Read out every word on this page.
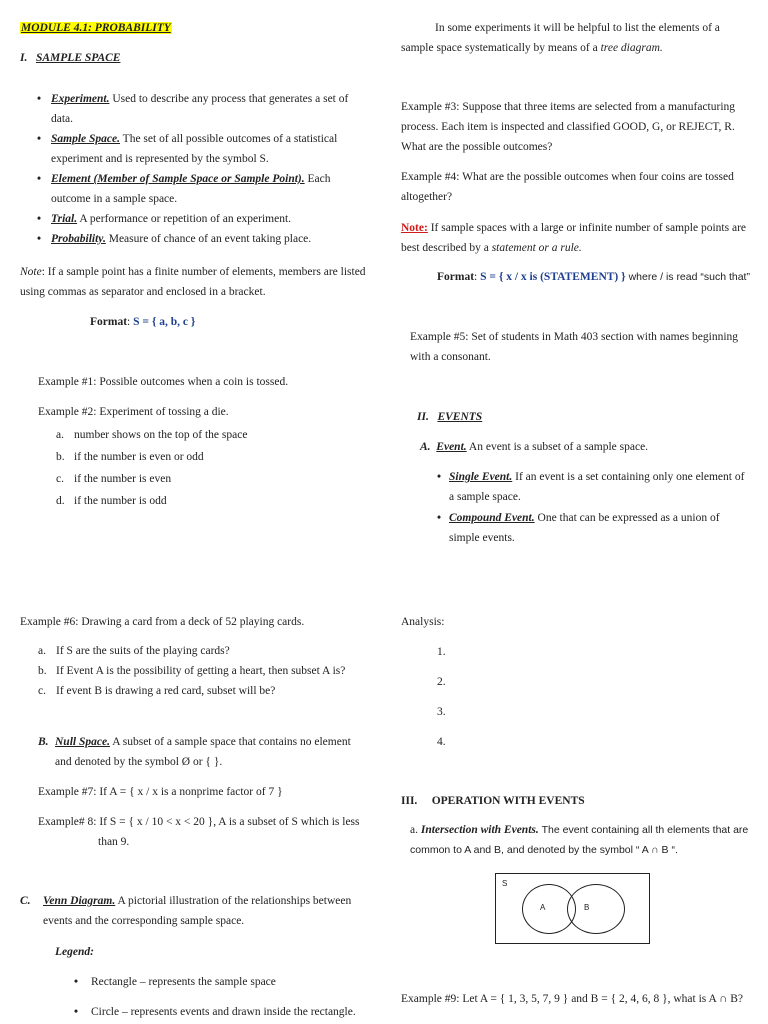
MODULE 4.1: PROBABILITY
I. SAMPLE SPACE
• Experiment. Used to describe any process that generates a set of data.
• Sample Space. The set of all possible outcomes of a statistical experiment and is represented by the symbol S.
• Element (Member of Sample Space or Sample Point). Each outcome in a sample space.
• Trial. A performance or repetition of an experiment.
• Probability. Measure of chance of an event taking place.
Note: If a sample point has a finite number of elements, members are listed using commas as separator and enclosed in a bracket.
Format: S = { a, b, c }
Example #1: Possible outcomes when a coin is tossed.
Example #2: Experiment of tossing a die.
a. number shows on the top of the space
b. if the number is even or odd
c. if the number is even
d. if the number is odd
Example #6: Drawing a card from a deck of 52 playing cards.
a. If S are the suits of the playing cards?
b. If Event A is the possibility of getting a heart, then subset A is?
c. If event B is drawing a red card, subset will be?
B. Null Space. A subset of a sample space that contains no element and denoted by the symbol Ø or { }.
Example #7: If A = { x / x is a nonprime factor of 7 }
Example# 8: If S = { x / 10 < x < 20 }, A is a subset of S which is less than 9.
C. Venn Diagram. A pictorial illustration of the relationships between events and the corresponding sample space.
Legend:
• Rectangle – represents the sample space
• Circle – represents events and drawn inside the rectangle.
In some experiments it will be helpful to list the elements of a sample space systematically by means of a tree diagram.
Example #3: Suppose that three items are selected from a manufacturing process. Each item is inspected and classified GOOD, G, or REJECT, R. What are the possible outcomes?
Example #4: What are the possible outcomes when four coins are tossed altogether?
Note: If sample spaces with a large or infinite number of sample points are best described by a statement or a rule.
Format: S = { x / x is (STATEMENT) } where / is read “such that”
Example #5: Set of students in Math 403 section with names beginning with a consonant.
II. EVENTS
A. Event. An event is a subset of a sample space.
• Single Event. If an event is a set containing only one element of a sample space.
• Compound Event. One that can be expressed as a union of simple events.
Analysis:
1.
2.
3.
4.
III. OPERATION WITH EVENTS
a. Intersection with Events. The event containing all th elements that are common to A and B, and denoted by the symbol “ A ∩ B “.
S
A	B
Example #9: Let A = { 1, 3, 5, 7, 9 } and B = { 2, 4, 6, 8 }, what is A ∩ B?
